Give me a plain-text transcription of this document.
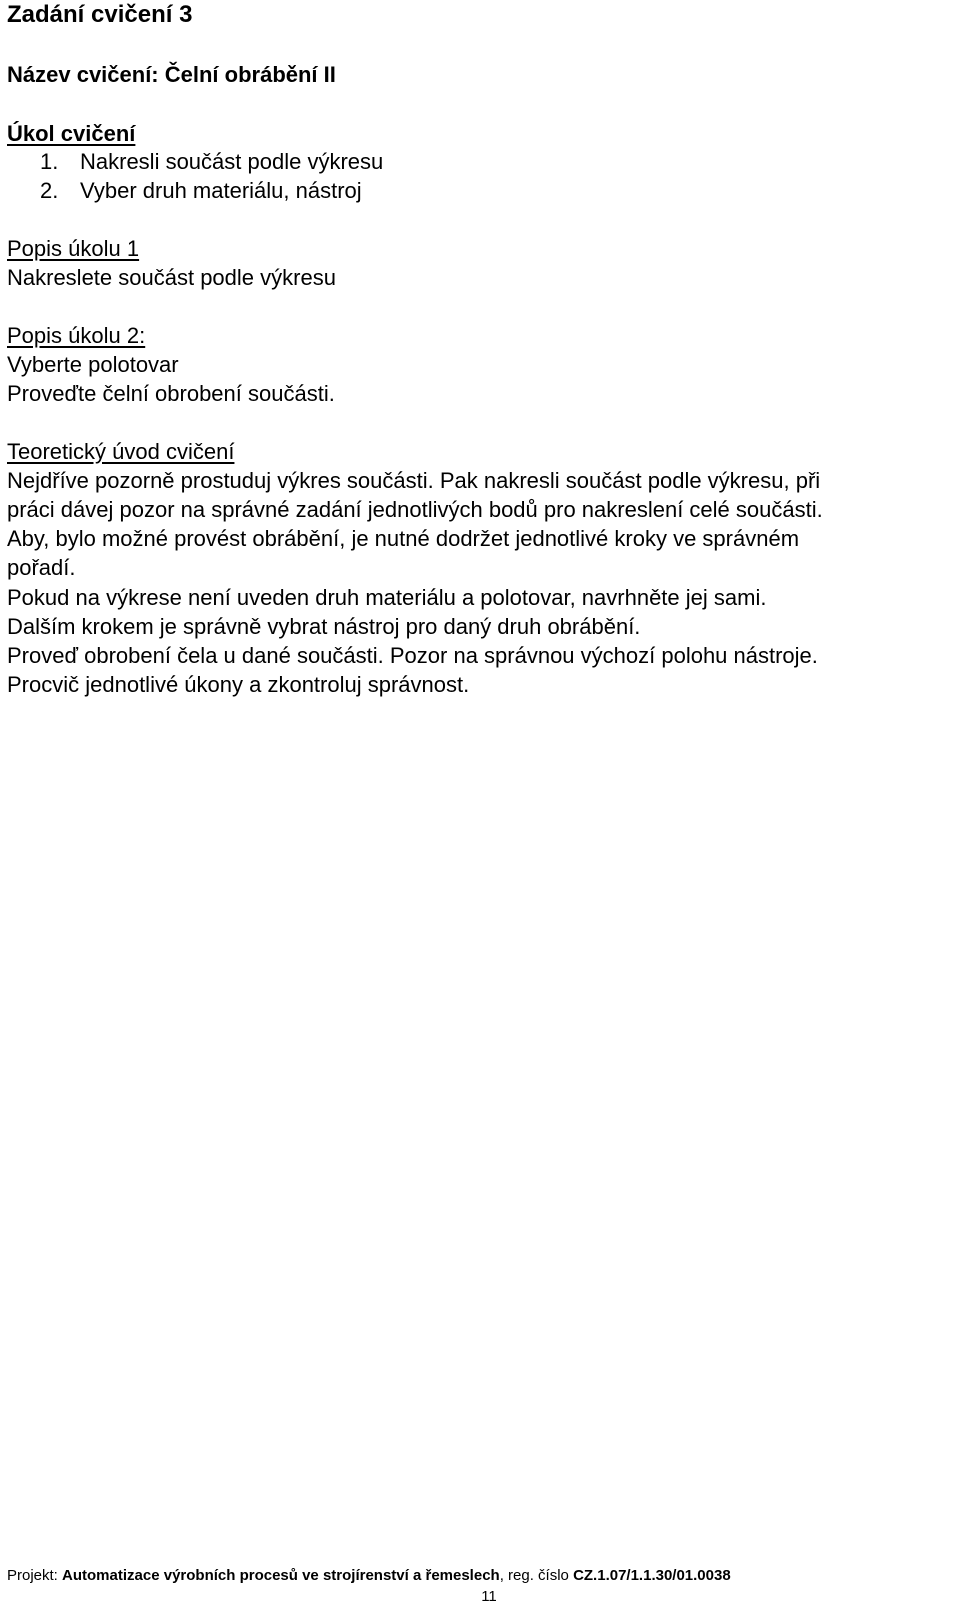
Zadání cvičení 3
Název cvičení: Čelní obrábění II
Úkol cvičení
1. Nakresli součást podle výkresu
2. Vyber druh materiálu, nástroj
Popis úkolu 1
Nakreslete součást podle výkresu
Popis úkolu 2:
Vyberte polotovar
Proveďte čelní obrobení součásti.
Teoretický úvod cvičení
Nejdříve pozorně prostuduj výkres součásti. Pak nakresli součást podle výkresu, při
práci dávej pozor na správné zadání jednotlivých bodů pro nakreslení celé součásti.
Aby, bylo možné provést obrábění, je nutné dodržet jednotlivé kroky ve správném
pořadí.
Pokud na výkrese není uveden druh materiálu a polotovar, navrhněte jej sami.
Dalším krokem je správně vybrat nástroj pro daný druh obrábění.
Proveď obrobení čela u dané součásti. Pozor na správnou výchozí polohu nástroje.
Procvič jednotlivé úkony a zkontroluj správnost.
Projekt: Automatizace výrobních procesů ve strojírenství a řemeslech, reg. číslo CZ.1.07/1.1.30/01.0038
11
